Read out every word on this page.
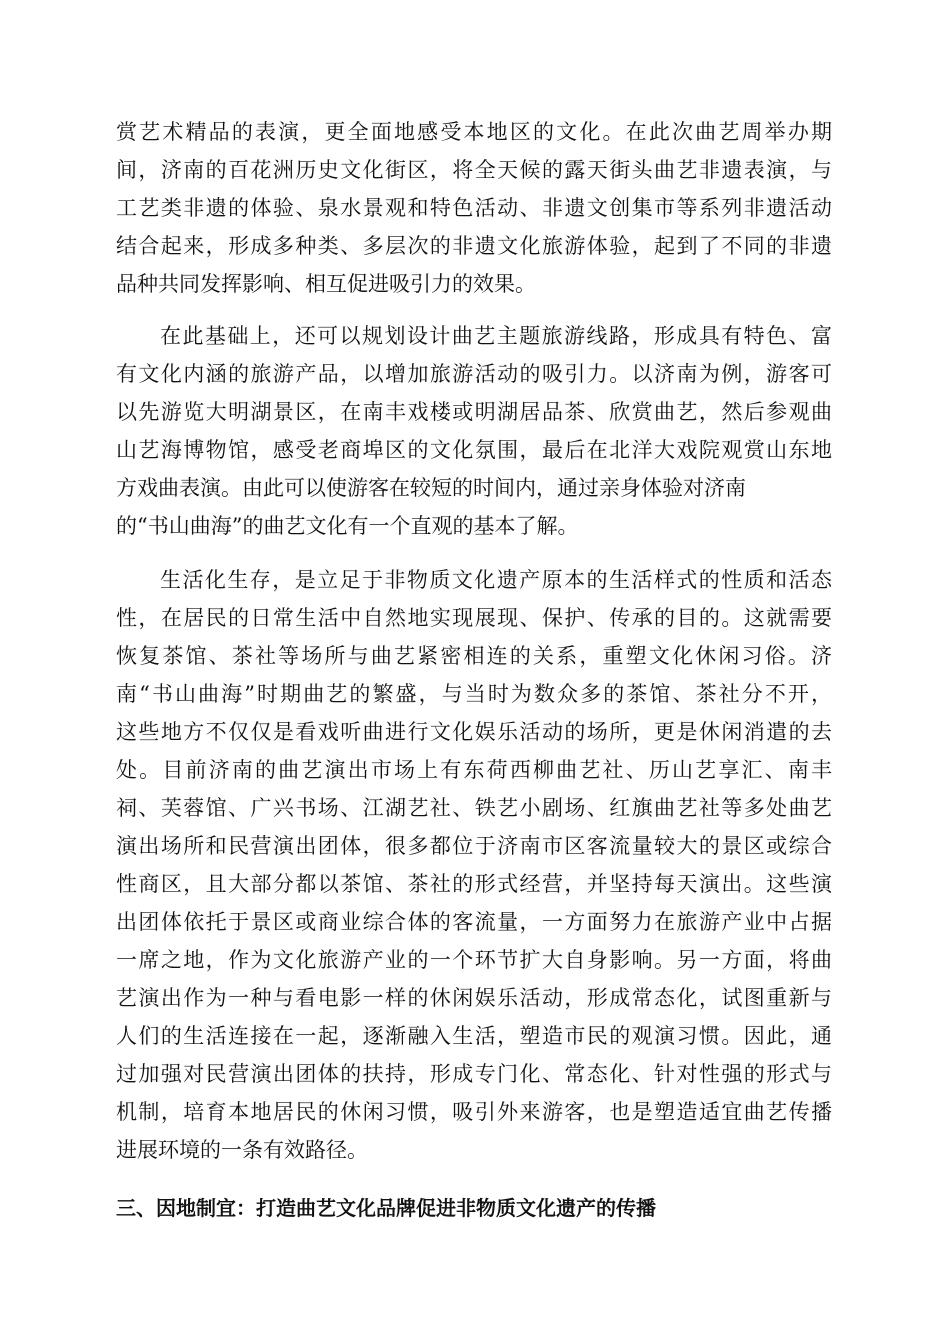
赏艺术精品的表演，更全面地感受本地区的文化。在此次曲艺周举办期
间，济南的百花洲历史文化街区，将全天候的露天街头曲艺非遗表演，与
工艺类非遗的体验、泉水景观和特色活动、非遗文创集市等系列非遗活动
结合起来，形成多种类、多层次的非遗文化旅游体验，起到了不同的非遗
品种共同发挥影响、相互促进吸引力的效果。

在此基础上，还可以规划设计曲艺主题旅游线路，形成具有特色、富
有文化内涵的旅游产品，以增加旅游活动的吸引力。以济南为例，游客可
以先游览大明湖景区，在南丰戏楼或明湖居品茶、欣赏曲艺，然后参观曲
山艺海博物馆，感受老商埠区的文化氛围，最后在北洋大戏院观赏山东地
方戏曲表演。由此可以使游客在较短的时间内，通过亲身体验对济南
的“书山曲海”的曲艺文化有一个直观的基本了解。

生活化生存，是立足于非物质文化遗产原本的生活样式的性质和活态
性，在居民的日常生活中自然地实现展现、保护、传承的目的。这就需要
恢复茶馆、茶社等场所与曲艺紧密相连的关系，重塑文化休闲习俗。济
南“书山曲海”时期曲艺的繁盛，与当时为数众多的茶馆、茶社分不开，
这些地方不仅仅是看戏听曲进行文化娱乐活动的场所，更是休闲消遣的去
处。目前济南的曲艺演出市场上有东荷西柳曲艺社、历山艺享汇、南丰
祠、芙蓉馆、广兴书场、江湖艺社、铁艺小剧场、红旗曲艺社等多处曲艺
演出场所和民营演出团体，很多都位于济南市区客流量较大的景区或综合
性商区，且大部分都以茶馆、茶社的形式经营，并坚持每天演出。这些演
出团体依托于景区或商业综合体的客流量，一方面努力在旅游产业中占据
一席之地，作为文化旅游产业的一个环节扩大自身影响。另一方面，将曲
艺演出作为一种与看电影一样的休闲娱乐活动，形成常态化，试图重新与
人们的生活连接在一起，逐渐融入生活，塑造市民的观演习惯。因此，通
过加强对民营演出团体的扶持，形成专门化、常态化、针对性强的形式与
机制，培育本地居民的休闲习惯，吸引外来游客，也是塑造适宜曲艺传播
进展环境的一条有效路径。

三、因地制宜：打造曲艺文化品牌促进非物质文化遗产的传播
